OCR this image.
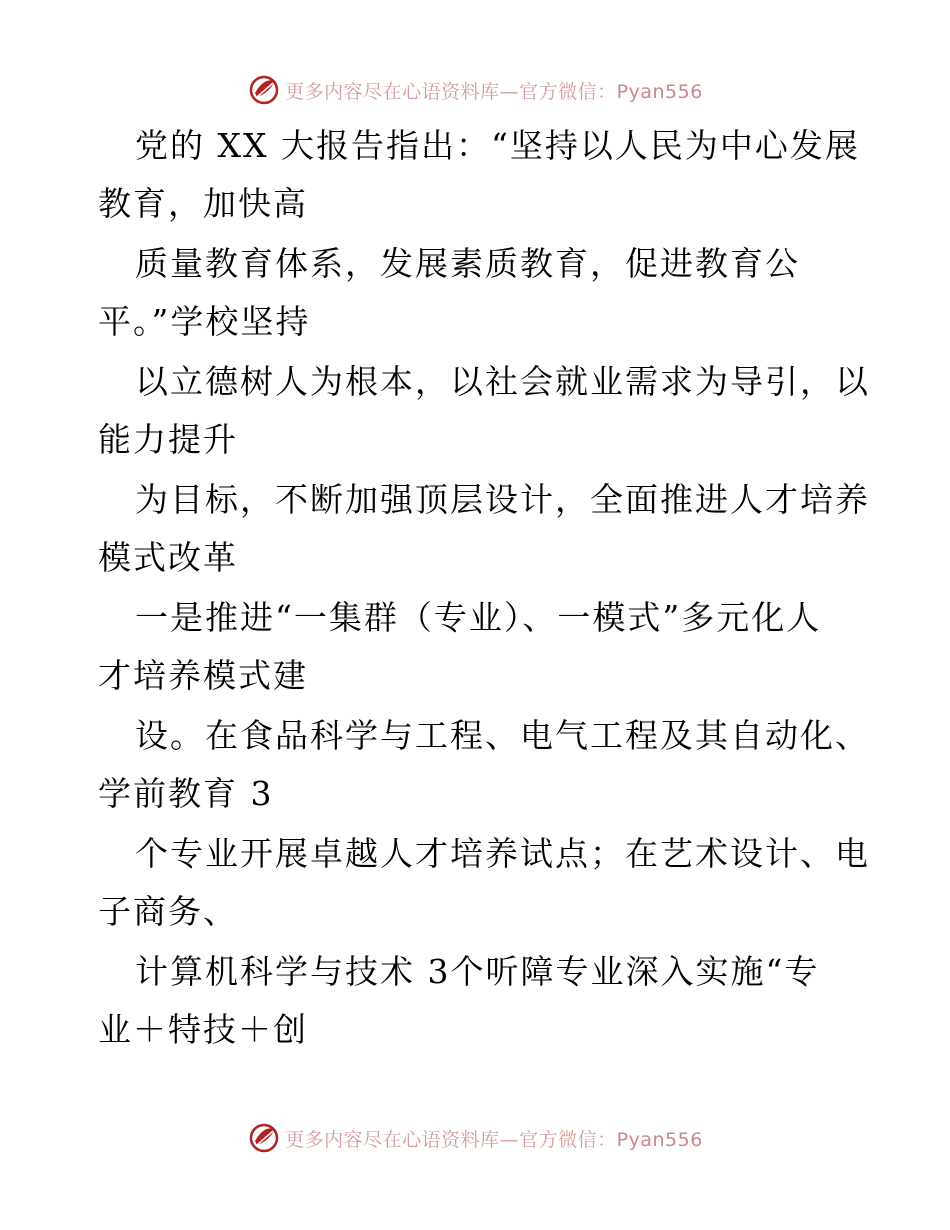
更多内容尽在心语资料库—官方微信：Pyan556
党的 XX 大报告指出：“坚持以人民为中心发展
教育，加快高
质量教育体系，发展素质教育，促进教育公
平。”学校坚持
以立德树人为根本，以社会就业需求为导引，以
能力提升
为目标，不断加强顶层设计，全面推进人才培养
模式改革
一是推进“一集群（专业）、一模式”多元化人
才培养模式建
设。在食品科学与工程、电气工程及其自动化、
学前教育 3
个专业开展卓越人才培养试点；在艺术设计、电
子商务、
计算机科学与技术 3个听障专业深入实施“专
业＋特技＋创
更多内容尽在心语资料库—官方微信：Pyan556
